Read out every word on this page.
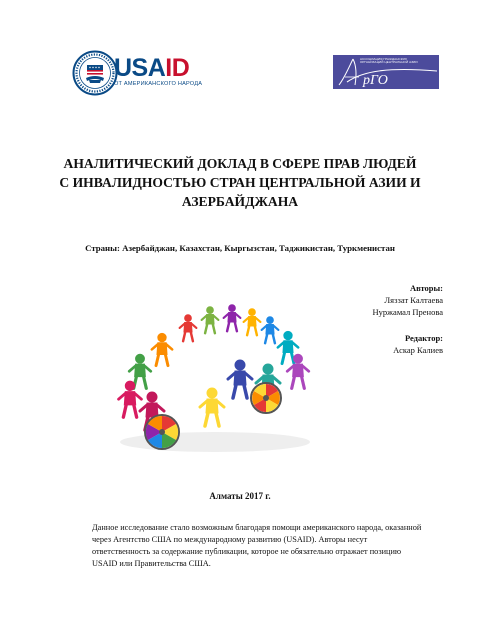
USAID
ОТ АМЕРИКАНСКОГО НАРОДА	рГО
АССОЦИАЦИЯ ГРАЖДАНСКИХ ОРГАНИЗАЦИЙ ЦЕНТРАЛЬНОЙ АЗИИ
АНАЛИТИЧЕСКИЙ ДОКЛАД В СФЕРЕ ПРАВ ЛЮДЕЙ
С ИНВАЛИДНОСТЬЮ СТРАН ЦЕНТРАЛЬНОЙ АЗИИ И
АЗЕРБАЙДЖАНА
Страны: Азербайджан, Казахстан, Кыргызстан, Таджикистан, Туркменистан
Авторы:
Ляззат Калтаева
Нуржамал Пренова
Редактор:
Аскар Калиев
Алматы 2017 г.
Данное исследование стало возможным благодаря помощи американского народа, оказанной
через Агентство США по международному развитию (USAID). Авторы несут
ответственность за содержание публикации, которое не обязательно отражает позицию
USAID или Правительства США.
